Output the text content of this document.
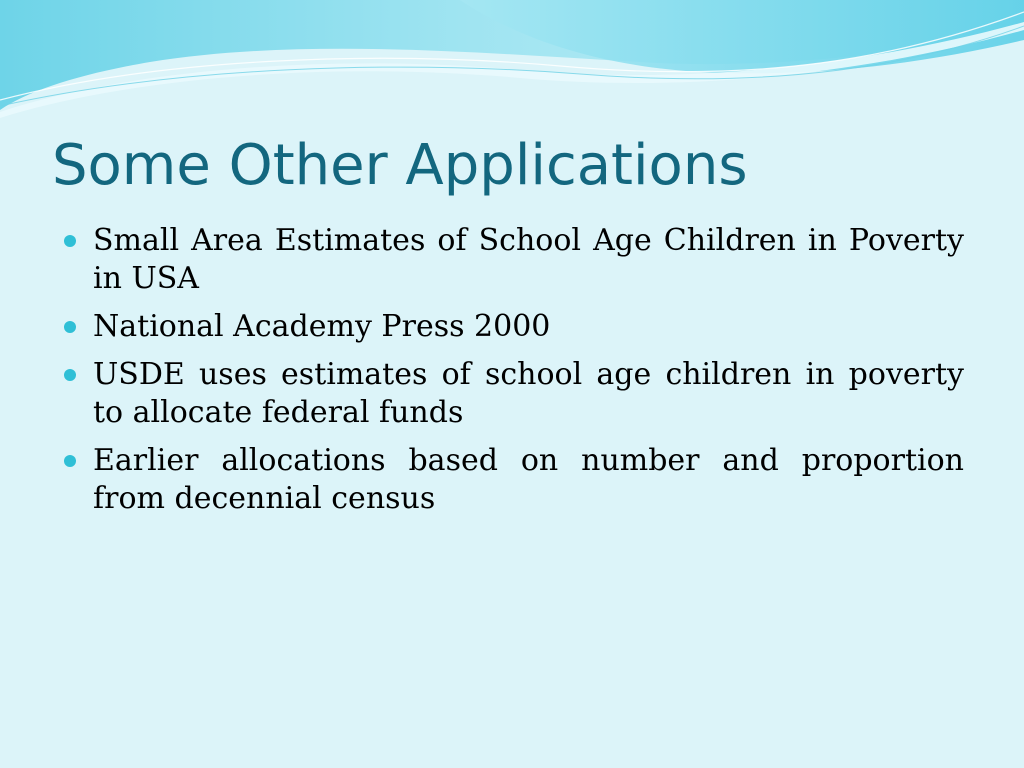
Some Other Applications
Small Area Estimates of School Age Children in Poverty in USA
National Academy Press 2000
USDE uses estimates of school age children in poverty to allocate federal funds
Earlier allocations based on number and proportion from decennial census
